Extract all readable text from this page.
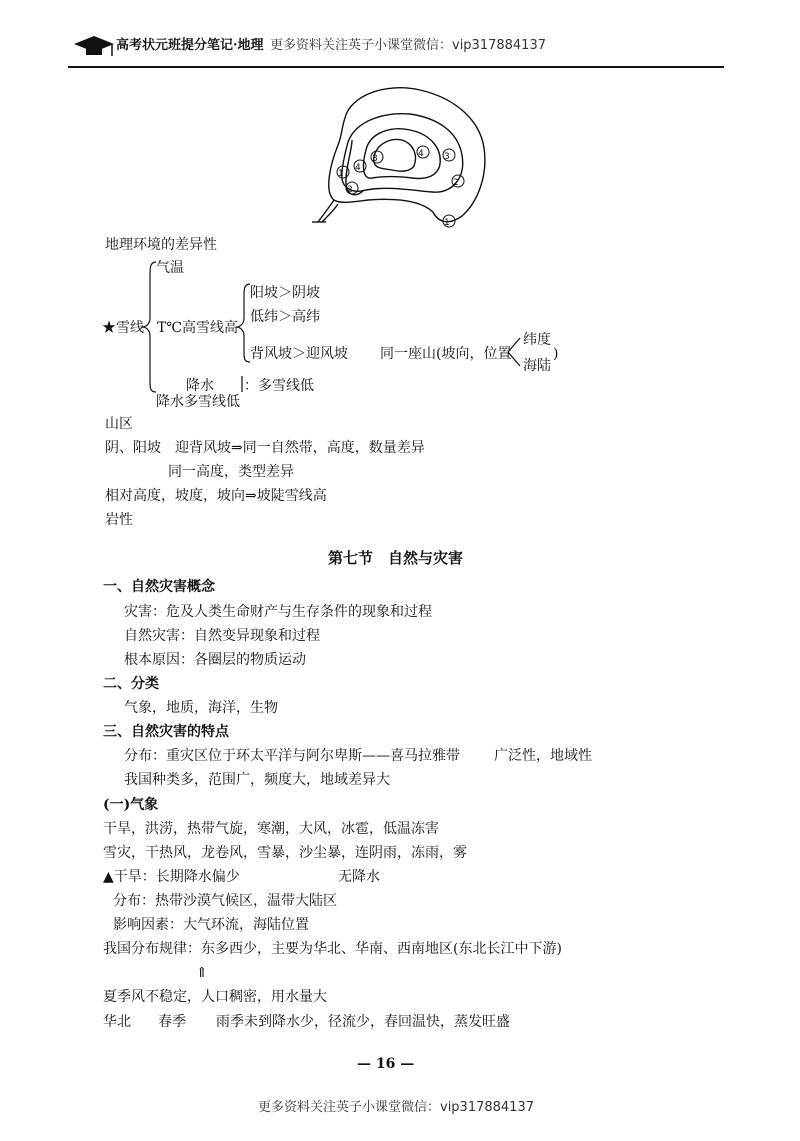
3
4
1
2
4 3
2
1
高考状元班提分笔记·地理 更多资料关注英子小课堂微信：vip317884137
地理环境的差异性
气温
阳坡＞阴坡
★雪线 T℃高雪线高
低纬＞高纬
背风坡＞迎风坡 同一座山(坡向，位置
纬度
海陆
)
降水 ：多雪线低
降水多雪线低
山区
阴、阳坡　迎背风坡⇒同一自然带，高度，数量差异
同一高度，类型差异
相对高度，坡度，坡向⇒坡陡雪线高
岩性
第七节　自然与灾害
一、自然灾害概念
灾害：危及人类生命财产与生存条件的现象和过程
自然灾害：自然变异现象和过程
根本原因：各圈层的物质运动
二、分类
气象，地质，海洋，生物
三、自然灾害的特点
分布：重灾区位于环太平洋与阿尔卑斯——喜马拉雅带 广泛性，地域性
我国种类多，范围广，频度大，地域差异大
(一)气象
干旱，洪涝，热带气旋，寒潮，大风，冰雹，低温冻害
雪灾，干热风，龙卷风，雪暴，沙尘暴，连阴雨，冻雨，雾
▲干旱：长期降水偏少	无降水
分布：热带沙漠气候区，温带大陆区
影响因素：大气环流，海陆位置
我国分布规律：东多西少，主要为华北、华南、西南地区(东北长江中下游)
⇑
夏季风不稳定，人口稠密，用水量大
华北 春季 雨季未到降水少，径流少，春回温快，蒸发旺盛
— 16 —
更多资料关注英子小课堂微信：vip317884137
